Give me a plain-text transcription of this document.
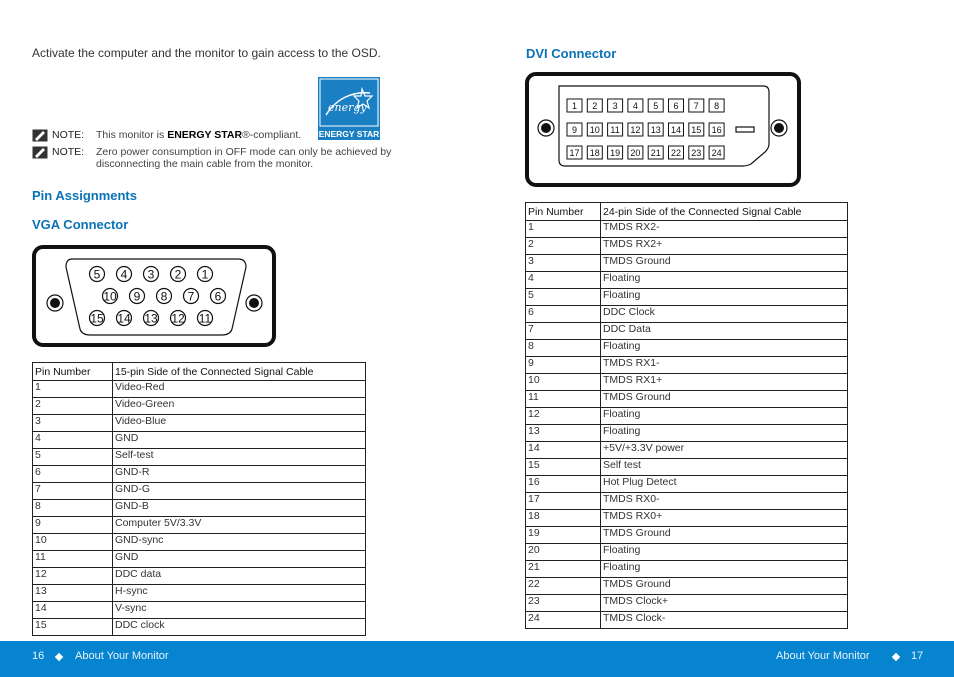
Activate the computer and the monitor to gain access to the OSD.
energy
ENERGY STAR
NOTE:	This monitor is ENERGY STAR®-compliant.
NOTE:	Zero power consumption in OFF mode can only be achieved by disconnecting the main cable from the monitor.
Pin Assignments
VGA Connector
5 4 3 2 1
10 9 8 7 6
15 14 13 12 11
Pin Number	15-pin Side of the Connected Signal Cable
1	Video-Red
2	Video-Green
3	Video-Blue
4	GND
5	Self-test
6	GND-R
7	GND-G
8	GND-B
9	Computer 5V/3.3V
10	GND-sync
11	GND
12	DDC data
13	H-sync
14	V-sync
15	DDC clock
DVI Connector
1 2 3 4 5 6 7 8
9 10 11 12 13 14 15 16
17 18 19 20 21 22 23 24
Pin Number	24-pin Side of the Connected Signal Cable
1	TMDS RX2-
2	TMDS RX2+
3	TMDS Ground
4	Floating
5	Floating
6	DDC Clock
7	DDC Data
8	Floating
9	TMDS RX1-
10	TMDS RX1+
11	TMDS Ground
12	Floating
13	Floating
14	+5V/+3.3V power
15	Self test
16	Hot Plug Detect
17	TMDS RX0-
18	TMDS RX0+
19	TMDS Ground
20	Floating
21	Floating
22	TMDS Ground
23	TMDS Clock+
24	TMDS Clock-
16	About Your Monitor	About Your Monitor	17
